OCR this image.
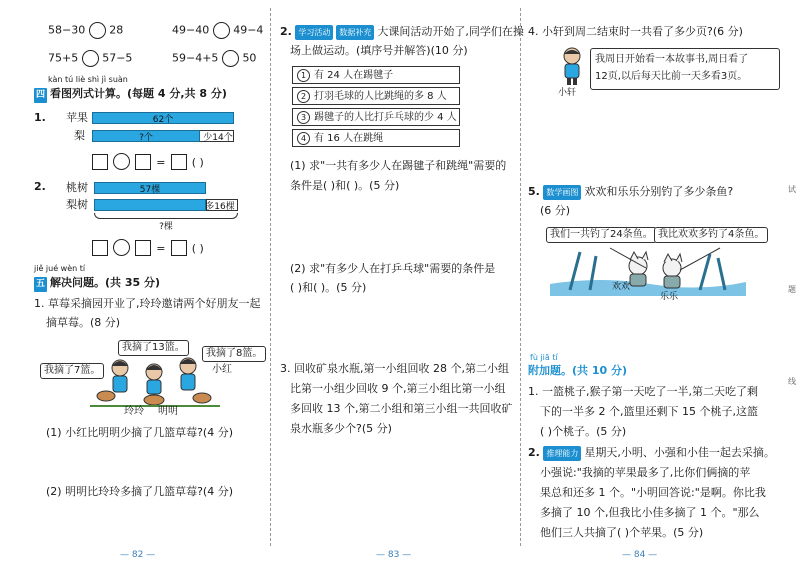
58−30 28	49−40 49−4
75+5 57−5	59−4+5 50
kàn tú liè shì jì suàn
四 看图列式计算。(每题 4 分,共 8 分)
1. 苹果	62个
梨	?个	少14个
= ( )
2. 桃树	57棵
梨树	多16棵
?棵
= ( )
jiě jué wèn tí
五 解决问题。(共 35 分)
1. 草莓采摘园开业了,玲玲邀请两个好朋友一起
摘草莓。(8 分)
我摘了13篮。
我摘了8篮。
我摘了7篮。	小红
玲玲 明明
(1) 小红比明明少摘了几篮草莓?(4 分)
(2) 明明比玲玲多摘了几篮草莓?(4 分)
— 82 —
2. 学习活动 数据补充 大课间活动开始了,同学们在操
场上做运动。(填序号并解答)(10 分)
1 有 24 人在踢毽子
2 打羽毛球的人比跳绳的多 8 人
3 踢毽子的人比打乒乓球的少 4 人
4 有 16 人在跳绳
(1) 求"一共有多少人在踢毽子和跳绳"需要的
条件是( )和( )。(5 分)
(2) 求"有多少人在打乒乓球"需要的条件是
( )和( )。(5 分)
3. 回收矿泉水瓶,第一小组回收 28 个,第二小组
比第一小组少回收 9 个,第三小组比第一小组
多回收 13 个,第二小组和第三小组一共回收矿
泉水瓶多少个?(5 分)
— 83 —
4. 小轩到周二结束时一共看了多少页?(6 分)
小轩
我周日开始看一本故事书,周日看了
12页,以后每天比前一天多看3页。
5. 数学画图 欢欢和乐乐分别钓了多少条鱼?
(6 分)
我们一共钓了24条鱼。 我比欢欢多钓了4条鱼。
欢欢
乐乐
fù jiā tí
附加题。(共 10 分)
1. 一篮桃子,猴子第一天吃了一半,第二天吃了剩
下的一半多 2 个,篮里还剩下 15 个桃子,这篮
( )个桃子。(5 分)
2. 推理能力 星期天,小明、小强和小佳一起去采摘。
小强说:"我摘的苹果最多了,比你们俩摘的苹
果总和还多 1 个。"小明回答说:"是啊。你比我
多摘了 10 个,但我比小佳多摘了 1 个。"那么
他们三人共摘了( )个苹果。(5 分)
试
题
线
— 84 —
